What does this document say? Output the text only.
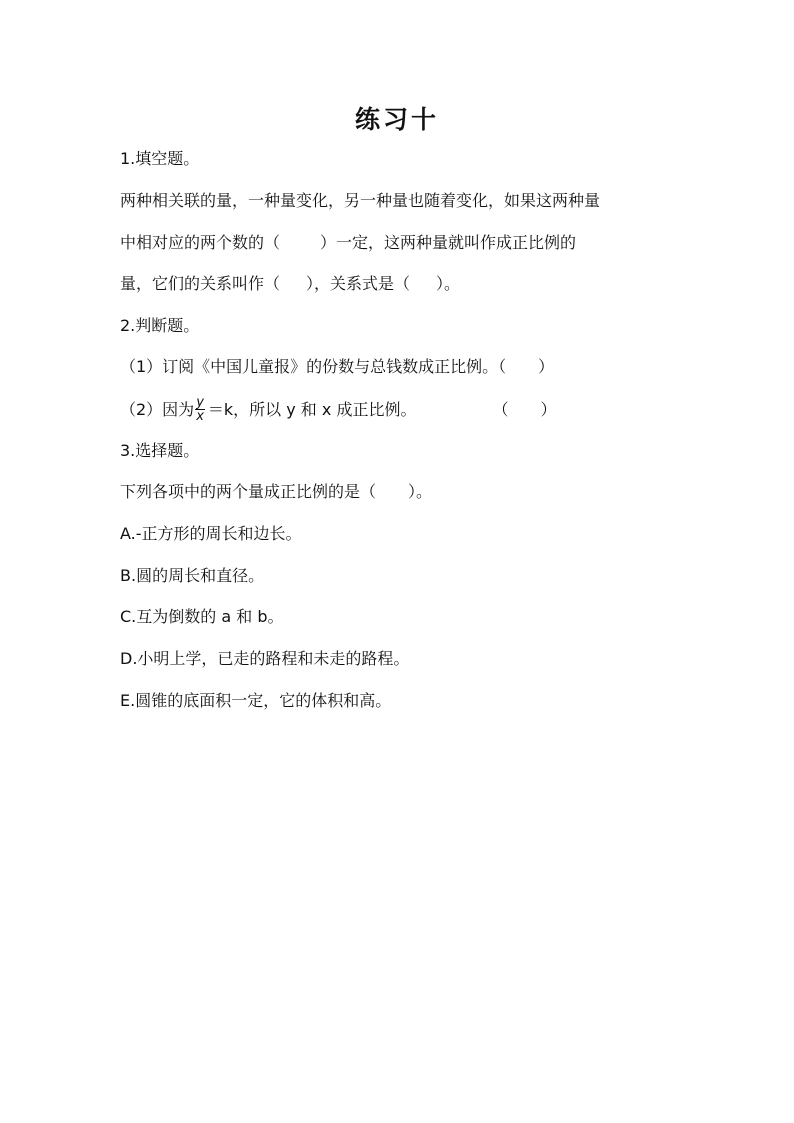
练习十
1.填空题。
两种相关联的量，一种量变化，另一种量也随着变化，如果这两种量
中相对应的两个数的（	）一定，这两种量就叫作成正比例的
量，它们的关系叫作（ ），关系式是（ ）。
2.判断题。
（1）订阅《中国儿童报》的份数与总钱数成正比例。（　　）
（2）因为 $\frac{y}{x} =k$，所以 y 和 x 成正比例。	（　　）
3.选择题。
下列各项中的两个量成正比例的是（　　）。
A.-正方形的周长和边长。
B.圆的周长和直径。
C.互为倒数的 a 和 b。
D.小明上学，已走的路程和未走的路程。
E.圆锥的底面积一定，它的体积和高。
